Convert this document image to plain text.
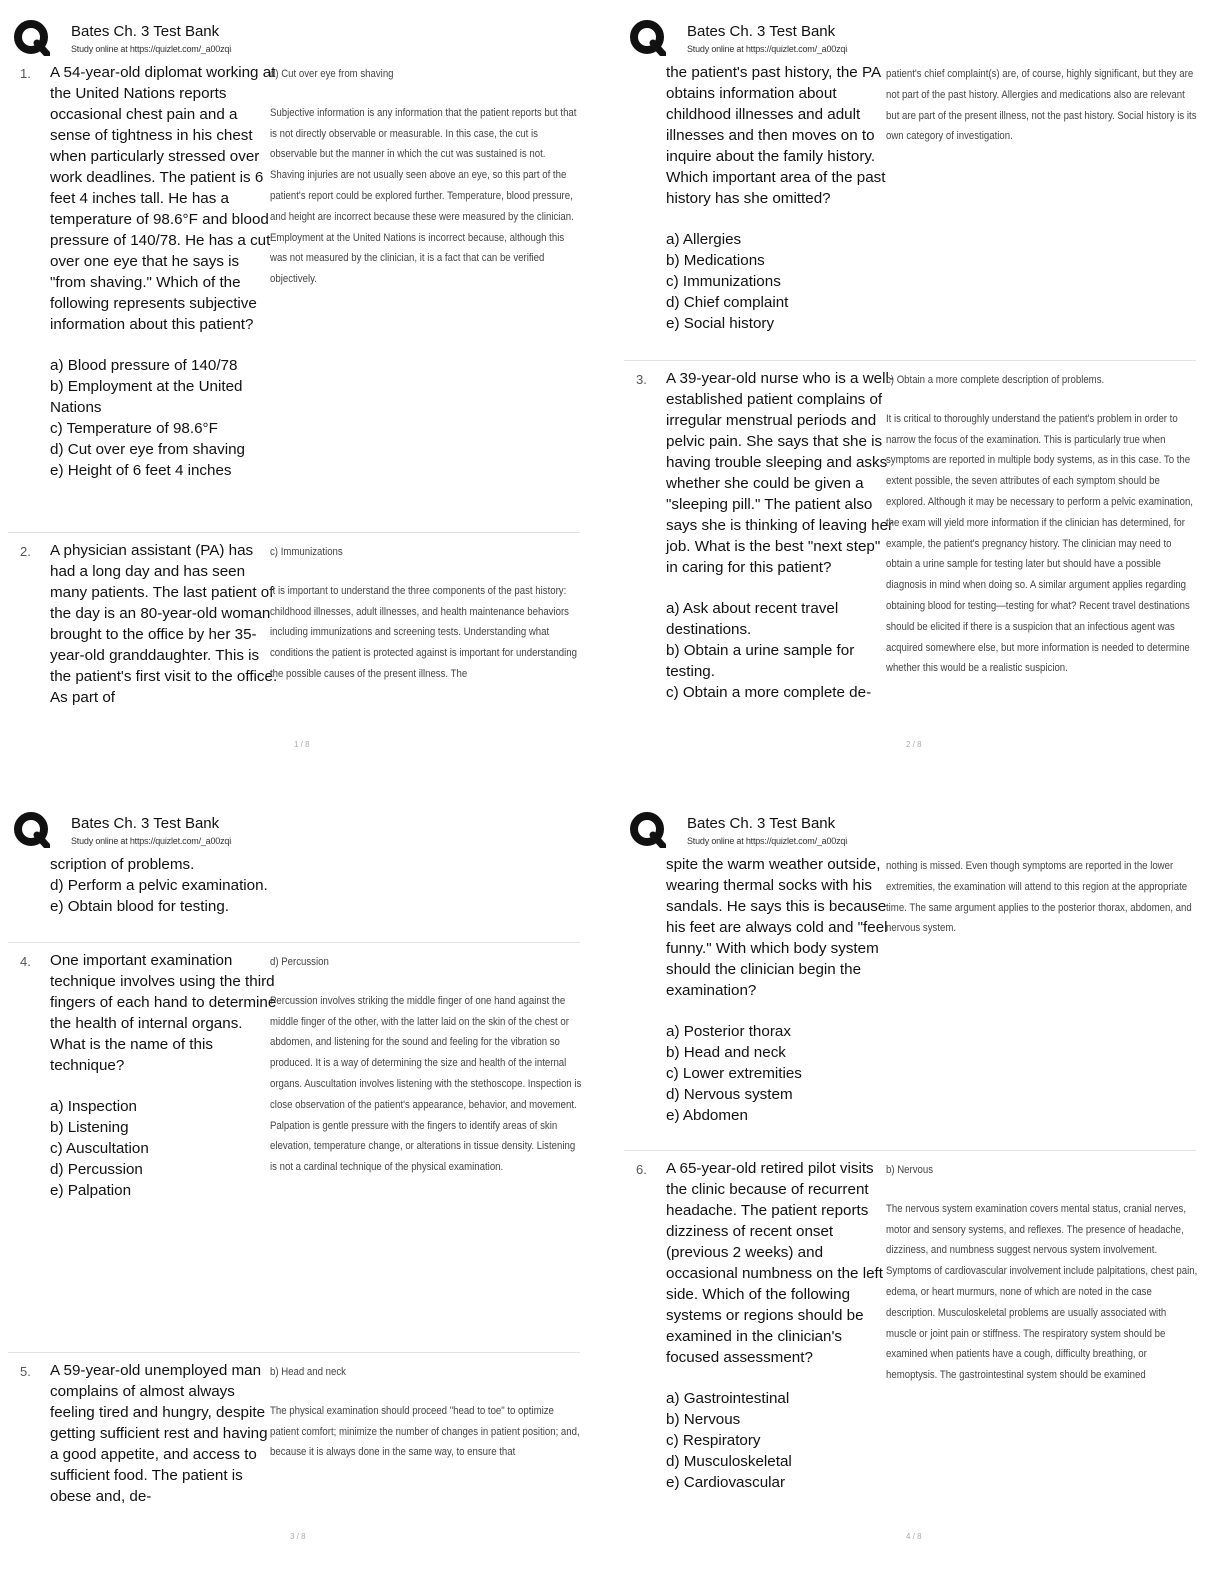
Bates Ch. 3 Test Bank
Study online at https://quizlet.com/_a00zqi
1. A 54-year-old diplomat working at the United Nations reports occasional chest pain and a sense of tightness in his chest when particularly stressed over work deadlines. The patient is 6 feet 4 inches tall. He has a temperature of 98.6°F and blood pressure of 140/78. He has a cut over one eye that he says is "from shaving." Which of the following represents subjective information about this patient?
a) Blood pressure of 140/78
b) Employment at the United Nations
c) Temperature of 98.6°F
d) Cut over eye from shaving
e) Height of 6 feet 4 inches

d) Cut over eye from shaving

Subjective information is any information that the patient reports but that is not directly observable or measurable. In this case, the cut is observable but the manner in which the cut was sustained is not. Shaving injuries are not usually seen above an eye, so this part of the patient's report could be explored further. Temperature, blood pressure, and height are incorrect because these were measured by the clinician. Employment at the United Nations is incorrect because, although this was not measured by the clinician, it is a fact that can be verified objectively.

2. A physician assistant (PA) has had a long day and has seen many patients. The last patient of the day is an 80-year-old woman brought to the office by her 35-year-old granddaughter. This is the patient's first visit to the office. As part of

c) Immunizations

It is important to understand the three components of the past history: childhood illnesses, adult illnesses, and health maintenance behaviors including immunizations and screening tests. Understanding what conditions the patient is protected against is important for understanding the possible causes of the present illness. The

1 / 8
Bates Ch. 3 Test Bank
Study online at https://quizlet.com/_a00zqi
the patient's past history, the PA obtains information about childhood illnesses and adult illnesses and then moves on to inquire about the family history. Which important area of the past history has she omitted?
a) Allergies
b) Medications
c) Immunizations
d) Chief complaint
e) Social history
patient's chief complaint(s) are, of course, highly significant, but they are not part of the past history. Allergies and medications also are relevant but are part of the present illness, not the past history. Social history is its own category of investigation.
3. A 39-year-old nurse who is a well-established patient complains of irregular menstrual periods and pelvic pain. She says that she is having trouble sleeping and asks whether she could be given a "sleeping pill." The patient also says she is thinking of leaving her job. What is the best "next step" in caring for this patient?
a) Ask about recent travel destinations.
b) Obtain a urine sample for testing.
c) Obtain a more complete de-

c) Obtain a more complete description of problems.

It is critical to thoroughly understand the patient's problem in order to narrow the focus of the examination. This is particularly true when symptoms are reported in multiple body systems, as in this case. To the extent possible, the seven attributes of each symptom should be explored. Although it may be necessary to perform a pelvic examination, the exam will yield more information if the clinician has determined, for example, the patient's pregnancy history. The clinician may need to obtain a urine sample for testing later but should have a possible diagnosis in mind when doing so. A similar argument applies regarding obtaining blood for testing—testing for what? Recent travel destinations should be elicited if there is a suspicion that an infectious agent was acquired somewhere else, but more information is needed to determine whether this would be a realistic suspicion.

2 / 8
Bates Ch. 3 Test Bank
Study online at https://quizlet.com/_a00zqi
scription of problems.
d) Perform a pelvic examination.
e) Obtain blood for testing.
4. One important examination technique involves using the third fingers of each hand to determine the health of internal organs. What is the name of this technique?
a) Inspection
b) Listening
c) Auscultation
d) Percussion
e) Palpation

d) Percussion

Percussion involves striking the middle finger of one hand against the middle finger of the other, with the latter laid on the skin of the chest or abdomen, and listening for the sound and feeling for the vibration so produced. It is a way of determining the size and health of the internal organs. Auscultation involves listening with the stethoscope. Inspection is close observation of the patient's appearance, behavior, and movement. Palpation is gentle pressure with the fingers to identify areas of skin elevation, temperature change, or alterations in tissue density. Listening is not a cardinal technique of the physical examination.

5. A 59-year-old unemployed man complains of almost always feeling tired and hungry, despite getting sufficient rest and having a good appetite, and access to sufficient food. The patient is obese and, de-

b) Head and neck

The physical examination should proceed "head to toe" to optimize patient comfort; minimize the number of changes in patient position; and, because it is always done in the same way, to ensure that

3 / 8
Bates Ch. 3 Test Bank
Study online at https://quizlet.com/_a00zqi
spite the warm weather outside, wearing thermal socks with his sandals. He says this is because his feet are always cold and "feel funny." With which body system should the clinician begin the examination?
a) Posterior thorax
b) Head and neck
c) Lower extremities
d) Nervous system
e) Abdomen
nothing is missed. Even though symptoms are reported in the lower extremities, the examination will attend to this region at the appropriate time. The same argument applies to the posterior thorax, abdomen, and nervous system.
6. A 65-year-old retired pilot visits the clinic because of recurrent headache. The patient reports dizziness of recent onset (previous 2 weeks) and occasional numbness on the left side. Which of the following systems or regions should be examined in the clinician's focused assessment?
a) Gastrointestinal
b) Nervous
c) Respiratory
d) Musculoskeletal
e) Cardiovascular

b) Nervous

The nervous system examination covers mental status, cranial nerves, motor and sensory systems, and reflexes. The presence of headache, dizziness, and numbness suggest nervous system involvement. Symptoms of cardiovascular involvement include palpitations, chest pain, edema, or heart murmurs, none of which are noted in the case description. Musculoskeletal problems are usually associated with muscle or joint pain or stiffness. The respiratory system should be examined when patients have a cough, difficulty breathing, or hemoptysis. The gastrointestinal system should be examined

4 / 8
